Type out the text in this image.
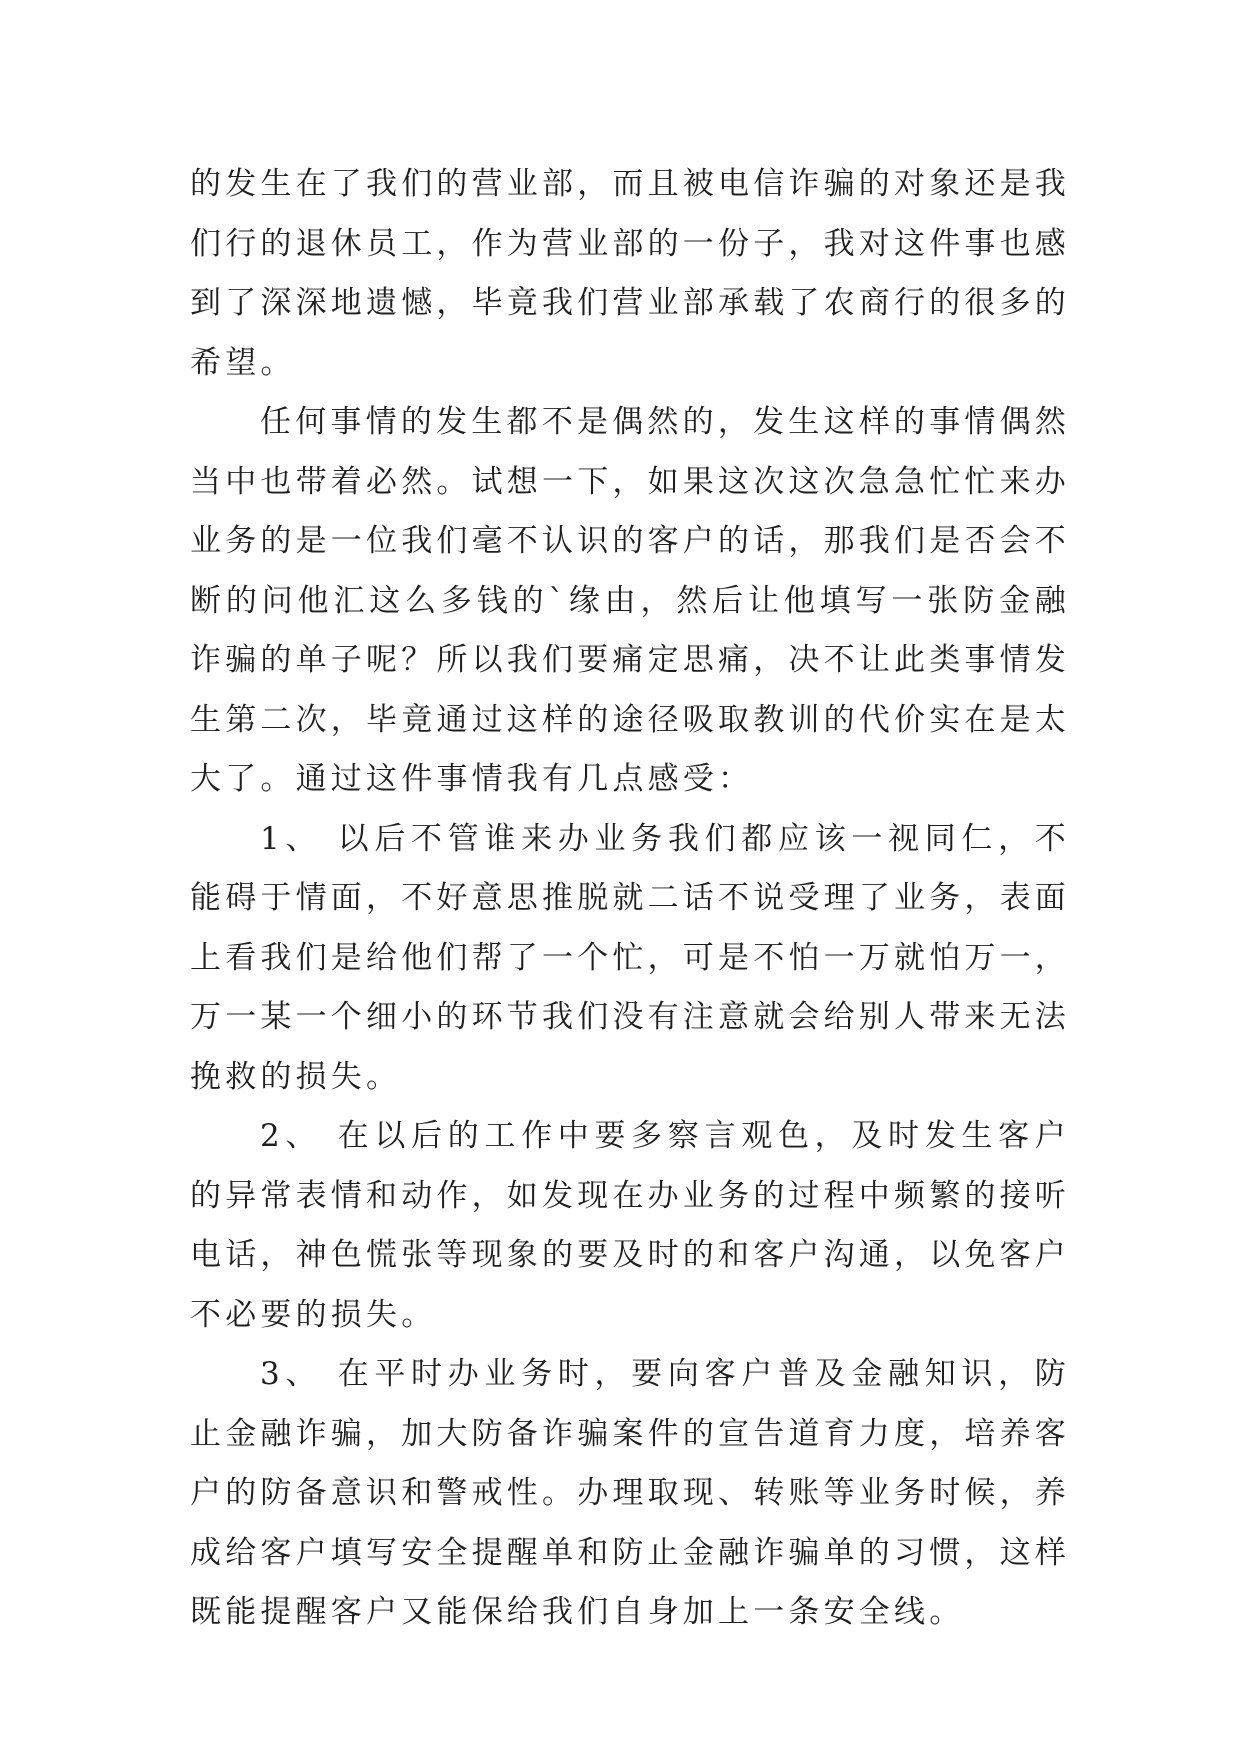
的发生在了我们的营业部，而且被电信诈骗的对象还是我们行的退休员工，作为营业部的一份子，我对这件事也感到了深深地遗憾，毕竟我们营业部承载了农商行的很多的希望。

任何事情的发生都不是偶然的，发生这样的事情偶然当中也带着必然。试想一下，如果这次这次急急忙忙来办业务的是一位我们毫不认识的客户的话，那我们是否会不断的问他汇这么多钱的`缘由，然后让他填写一张防金融诈骗的单子呢？所以我们要痛定思痛，决不让此类事情发生第二次，毕竟通过这样的途径吸取教训的代价实在是太大了。通过这件事情我有几点感受：

1、 以后不管谁来办业务我们都应该一视同仁，不能碍于情面，不好意思推脱就二话不说受理了业务，表面上看我们是给他们帮了一个忙，可是不怕一万就怕万一，万一某一个细小的环节我们没有注意就会给别人带来无法挽救的损失。

2、 在以后的工作中要多察言观色，及时发生客户的异常表情和动作，如发现在办业务的过程中频繁的接听电话，神色慌张等现象的要及时的和客户沟通，以免客户不必要的损失。

3、 在平时办业务时，要向客户普及金融知识，防止金融诈骗，加大防备诈骗案件的宣告道育力度，培养客户的防备意识和警戒性。办理取现、转账等业务时候，养成给客户填写安全提醒单和防止金融诈骗单的习惯，这样既能提醒客户又能保给我们自身加上一条安全线。
